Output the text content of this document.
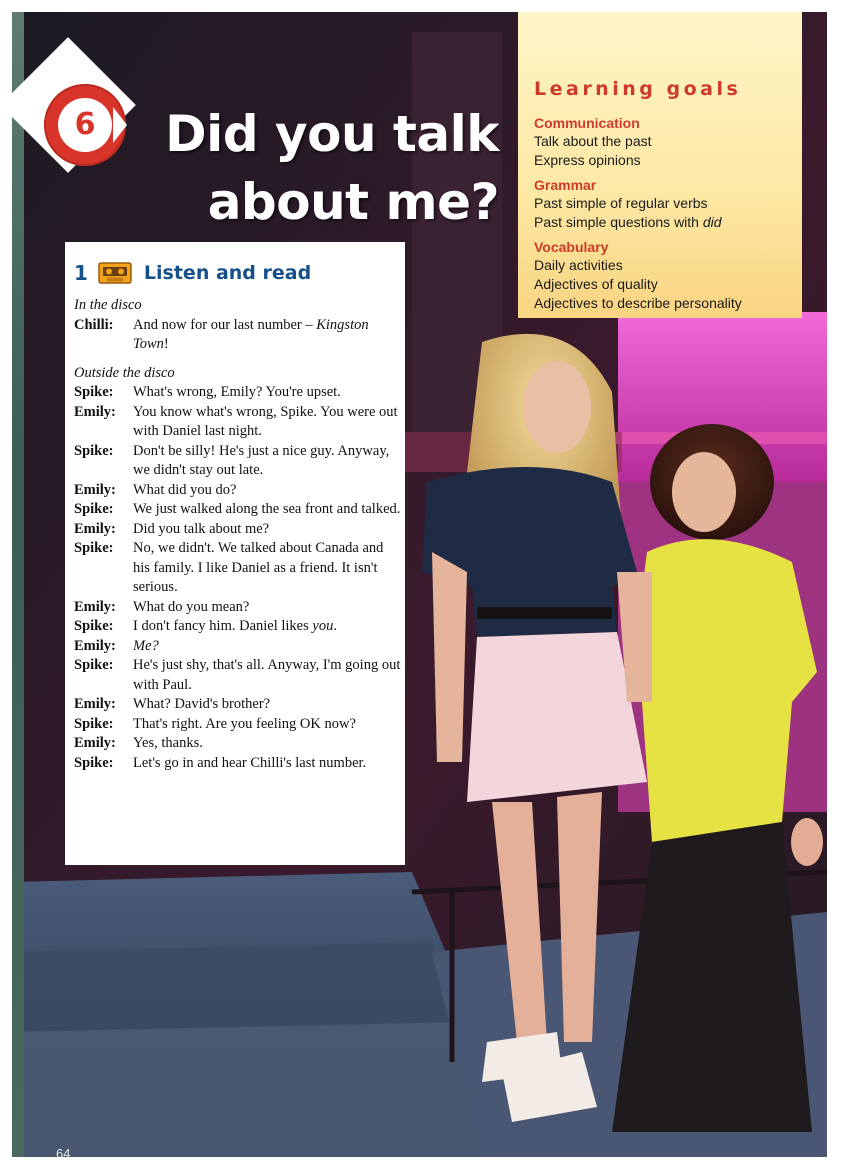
6	Did you talk
about me?
Learning goals
Communication
Talk about the past
Express opinions
Grammar
Past simple of regular verbs
Past simple questions with did
Vocabulary
Daily activities
Adjectives of quality
Adjectives to describe personality
1	Listen and read
In the disco
Chilli:	And now for our last number – Kingston Town!
Outside the disco
Spike:	What's wrong, Emily? You're upset.
Emily:	You know what's wrong, Spike. You were out with Daniel last night.
Spike:	Don't be silly! He's just a nice guy. Anyway, we didn't stay out late.
Emily:	What did you do?
Spike:	We just walked along the sea front and talked.
Emily:	Did you talk about me?
Spike:	No, we didn't. We talked about Canada and his family. I like Daniel as a friend. It isn't serious.
Emily:	What do you mean?
Spike:	I don't fancy him. Daniel likes you.
Emily:	Me?
Spike:	He's just shy, that's all. Anyway, I'm going out with Paul.
Emily:	What? David's brother?
Spike:	That's right. Are you feeling OK now?
Emily:	Yes, thanks.
Spike:	Let's go in and hear Chilli's last number.
64
